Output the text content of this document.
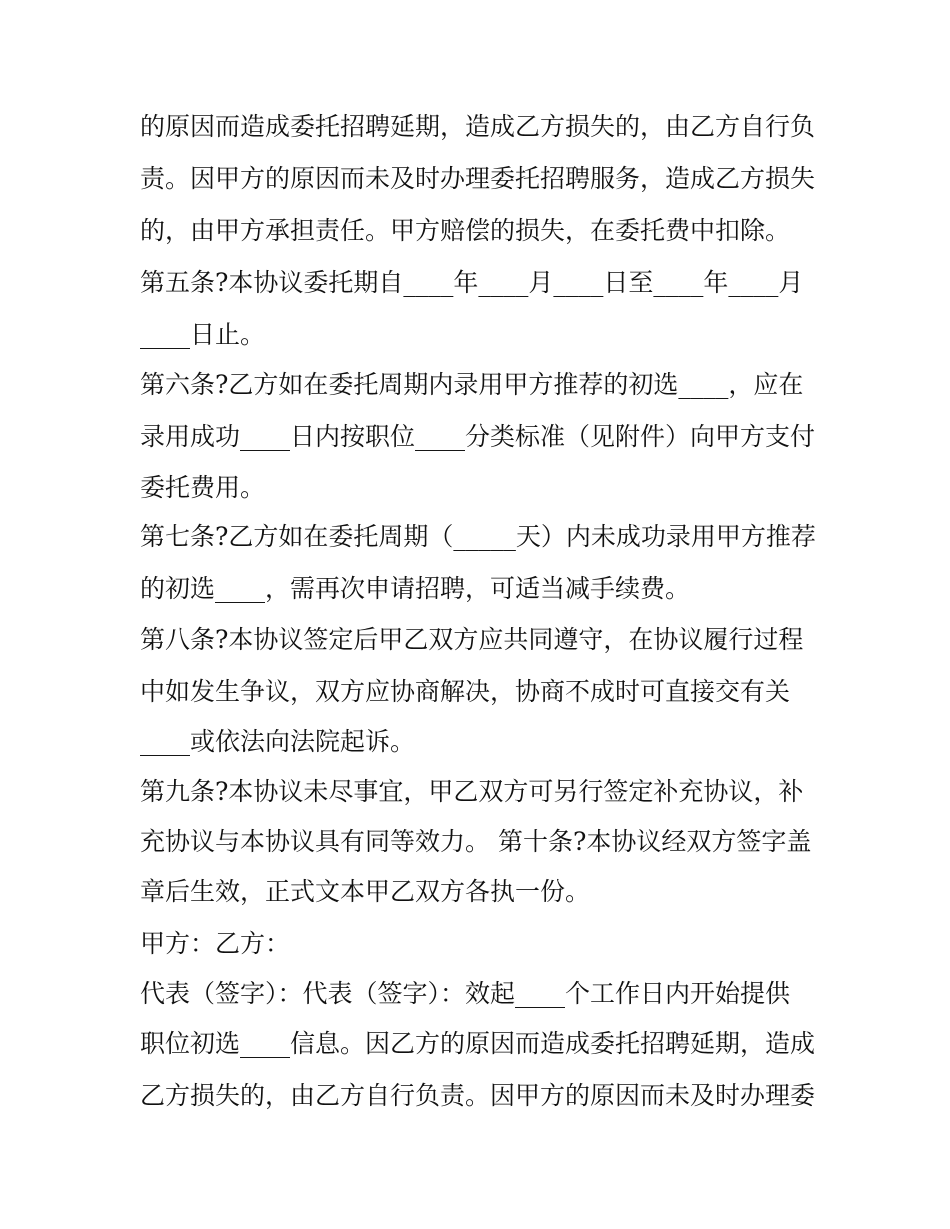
的原因而造成委托招聘延期，造成乙方损失的，由乙方自行负

责。因甲方的原因而未及时办理委托招聘服务，造成乙方损失

的，由甲方承担责任。甲方赔偿的损失，在委托费中扣除。

第五条?本协议委托期自____年____月____日至____年____月

____日止。

第六条?乙方如在委托周期内录用甲方推荐的初选____，应在

录用成功____日内按职位____分类标准（见附件）向甲方支付

委托费用。

第七条?乙方如在委托周期（_____天）内未成功录用甲方推荐

的初选____，需再次申请招聘，可适当减手续费。

第八条?本协议签定后甲乙双方应共同遵守，在协议履行过程

中如发生争议，双方应协商解决，协商不成时可直接交有关

____或依法向法院起诉。

第九条?本协议未尽事宜，甲乙双方可另行签定补充协议，补

充协议与本协议具有同等效力。 第十条?本协议经双方签字盖

章后生效，正式文本甲乙双方各执一份。

甲方：乙方：

代表（签字）：代表（签字）：效起____个工作日内开始提供

职位初选____信息。因乙方的原因而造成委托招聘延期，造成

乙方损失的，由乙方自行负责。因甲方的原因而未及时办理委
